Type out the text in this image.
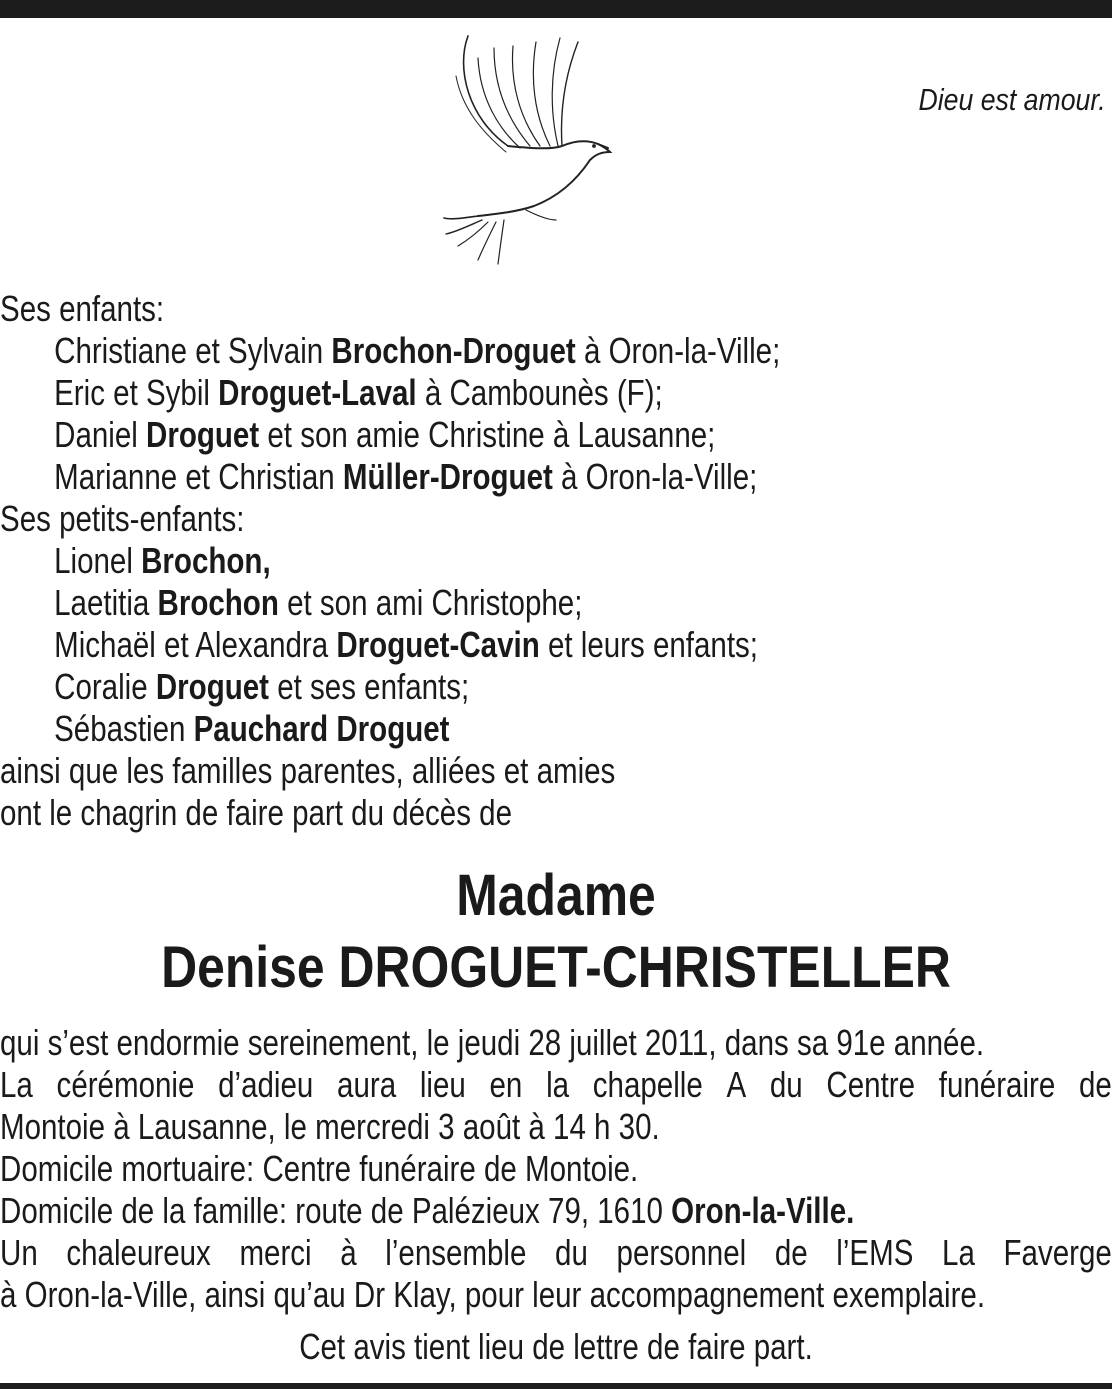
Dieu est amour.
Ses enfants:
Christiane et Sylvain Brochon-Droguet à Oron-la-Ville;
Eric et Sybil Droguet-Laval à Cambounès (F);
Daniel Droguet et son amie Christine à Lausanne;
Marianne et Christian Müller-Droguet à Oron-la-Ville;
Ses petits-enfants:
Lionel Brochon,
Laetitia Brochon et son ami Christophe;
Michaël et Alexandra Droguet-Cavin et leurs enfants;
Coralie Droguet et ses enfants;
Sébastien Pauchard Droguet
ainsi que les familles parentes, alliées et amies
ont le chagrin de faire part du décès de
Madame
Denise DROGUET-CHRISTELLER
qui s’est endormie sereinement, le jeudi 28 juillet 2011, dans sa 91e année.
La cérémonie d’adieu aura lieu en la chapelle A du Centre funéraire de
Montoie à Lausanne, le mercredi 3 août à 14 h 30.
Domicile mortuaire: Centre funéraire de Montoie.
Domicile de la famille: route de Palézieux 79, 1610 Oron-la-Ville.
Un chaleureux merci à l’ensemble du personnel de l’EMS La Faverge
à Oron-la-Ville, ainsi qu’au Dr Klay, pour leur accompagnement exemplaire.
Cet avis tient lieu de lettre de faire part.
